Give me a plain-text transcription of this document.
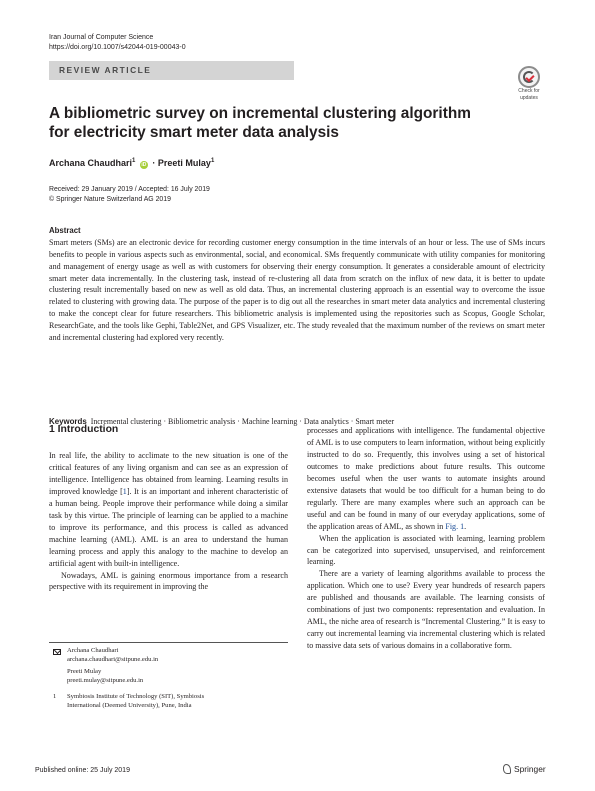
Iran Journal of Computer Science
https://doi.org/10.1007/s42044-019-00043-0
REVIEW ARTICLE
Check for
updates
A bibliometric survey on incremental clustering algorithm
for electricity smart meter data analysis
Archana Chaudhari$^1$ iD · Preeti Mulay$^1$
Received: 29 January 2019 / Accepted: 16 July 2019
© Springer Nature Switzerland AG 2019
Abstract

Smart meters (SMs) are an electronic device for recording customer energy consumption in the time intervals of an hour or less. The use of SMs incurs benefits to people in various aspects such as environmental, social, and economical. SMs frequently communicate with utility companies for monitoring and management of energy usage as well as with customers for observing their energy consumption. It generates a considerable amount of electricity smart meter data incrementally. In the clustering task, instead of re-clustering all data from scratch on the influx of new data, it is better to update clustering result incrementally based on new as well as old data. Thus, an incremental clustering approach is an essential way to overcome the issue related to clustering with growing data. The purpose of the paper is to dig out all the researches in smart meter data analytics and incremental clustering to make the concept clear for future researchers. This bibliometric analysis is implemented using the repositories such as Scopus, Google Scholar, ResearchGate, and the tools like Gephi, Table2Net, and GPS Visualizer, etc. The study revealed that the maximum number of the reviews on smart meter and incremental clustering had explored very recently.

Keywords Incremental clustering · Bibliometric analysis · Machine learning · Data analytics · Smart meter
1 Introduction

In real life, the ability to acclimate to the new situation is one of the critical features of any living organism and can see as an expression of intelligence. Intelligence has obtained from learning. Learning results in improved knowledge [1]. It is an important and inherent characteristic of a human being. People improve their performance while doing a similar task by this virtue. The principle of learning can be applied to a machine to improve its performance, and this process is called as advanced machine learning (AML). AML is an area to understand the human learning process and apply this analogy to the machine to develop an artificial agent with built-in intelligence.

Nowadays, AML is gaining enormous importance from a research perspective with its requirement in improving the

processes and applications with intelligence. The fundamental objective of AML is to use computers to learn information, without being explicitly instructed to do so. Frequently, this involves using a set of historical outcomes to make predictions about future results. This outcome becomes useful when the user wants to automate insights around extensive datasets that would be too difficult for a human being to do regularly. There are many examples where such an approach can be useful and can be found in many of our everyday applications, some of the application areas of AML, as shown in Fig. 1.

When the application is associated with learning, learning problem can be categorized into supervised, unsupervised, and reinforcement learning.

There are a variety of learning algorithms available to process the application. Which one to use? Every year hundreds of research papers are published and thousands are available. The learning consists of combinations of just two components: representation and evaluation. In AML, the niche area of research is “Incremental Clustering.” It is easy to carry out incremental learning via incremental clustering which is related to massive data sets of various domains in a collaborative form.

Archana Chaudhari
archana.chaudhari@sitpune.edu.in
Preeti Mulay
preeti.mulay@sitpune.edu.in
1 Symbiosis Institute of Technology (SIT), Symbiosis
International (Deemed University), Pune, India
Published online: 25 July 2019	Springer
